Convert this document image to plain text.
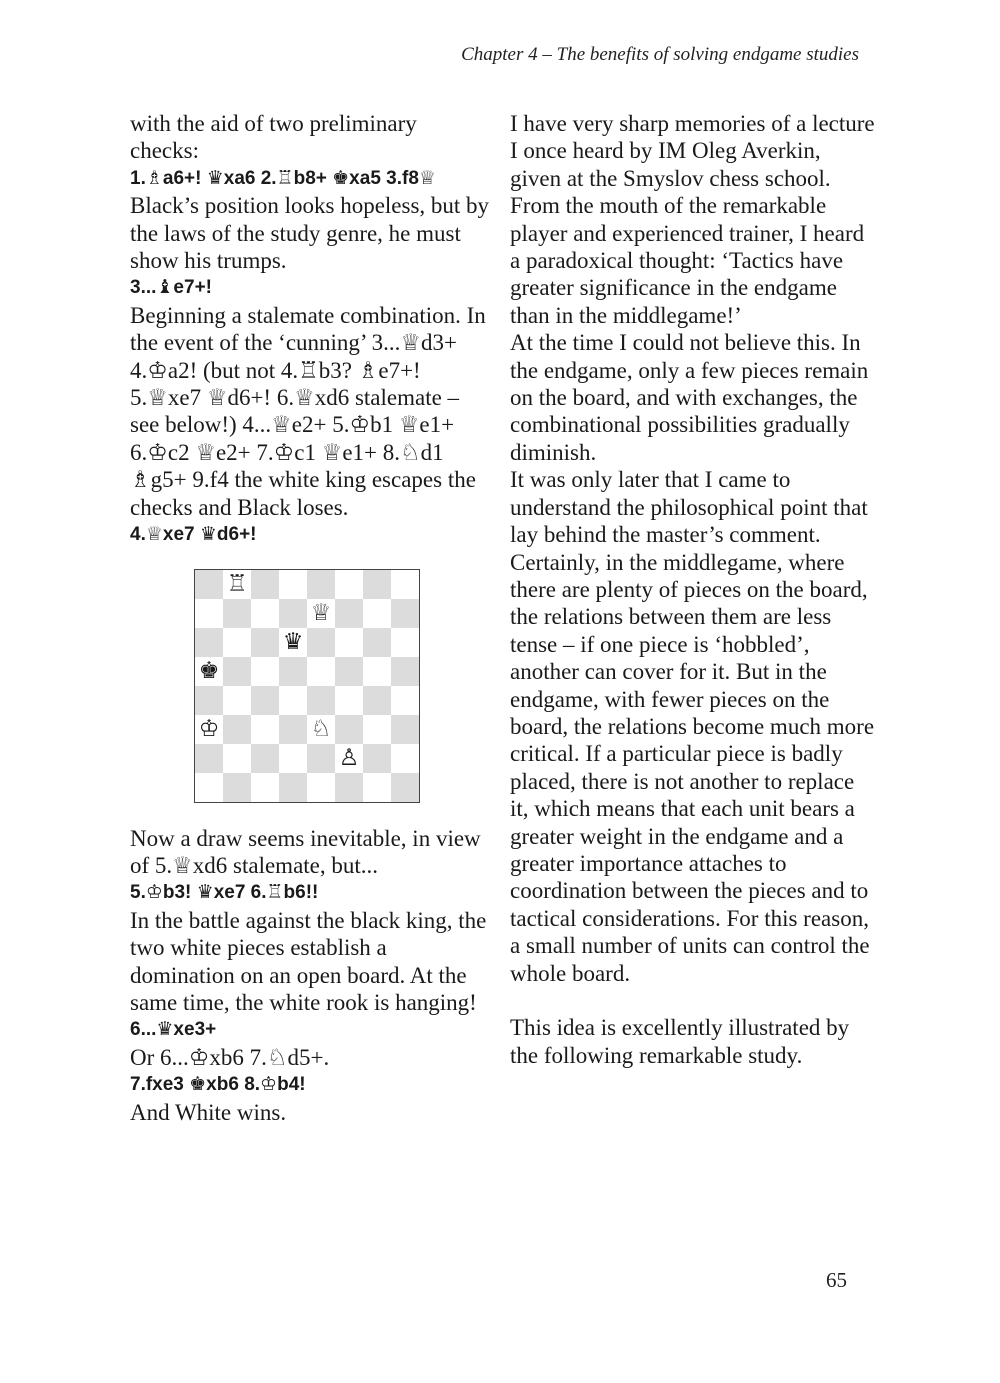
Chapter 4 – The benefits of solving endgame studies

with the aid of two preliminary checks:

1.♗a6+! ♛xa6 2.♖b8+ ♚xa5 3.f8♕

Black’s position looks hopeless, but by the laws of the study genre, he must show his trumps.

3...♝e7+!

Beginning a stalemate combination. In the event of the ‘cunning’ 3...♕d3+ 4.♔a2! (but not 4.♖b3? ♗e7+! 5.♕xe7 ♕d6+! 6.♕xd6 stalemate – see below!) 4...♕e2+ 5.♔b1 ♕e1+ 6.♔c2 ♕e2+ 7.♔c1 ♕e1+ 8.♘d1 ♗g5+ 9.f4 the white king escapes the checks and Black loses.

4.♕xe7 ♛d6+!

♖
♕
♛
♚
♔	♘
♙

Now a draw seems inevitable, in view of 5.♕xd6 stalemate, but...

5.♔b3! ♛xe7 6.♖b6!!

In the battle against the black king, the two white pieces establish a domination on an open board. At the same time, the white rook is hanging!

6...♛xe3+

Or 6...♔xb6 7.♘d5+.

7.fxe3 ♚xb6 8.♔b4!

And White wins.

I have very sharp memories of a lecture I once heard by IM Oleg Averkin, given at the Smyslov chess school. From the mouth of the remarkable player and experienced trainer, I heard a paradoxical thought: ‘Tactics have greater significance in the endgame than in the middlegame!’

At the time I could not believe this. In the endgame, only a few pieces remain on the board, and with exchanges, the combinational possibilities gradually diminish.

It was only later that I came to understand the philosophical point that lay behind the master’s comment.

Certainly, in the middlegame, where there are plenty of pieces on the board, the relations between them are less tense – if one piece is ‘hobbled’, another can cover for it. But in the endgame, with fewer pieces on the board, the relations become much more critical. If a particular piece is badly placed, there is not another to replace it, which means that each unit bears a greater weight in the endgame and a greater importance attaches to coordination between the pieces and to tactical considerations. For this reason, a small number of units can control the whole board.

This idea is excellently illustrated by the following remarkable study.

65
